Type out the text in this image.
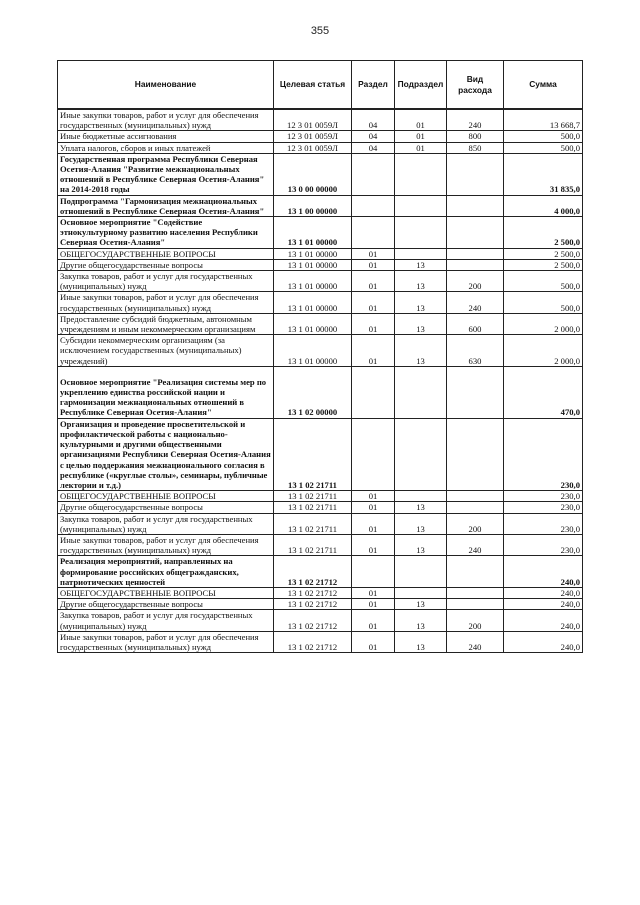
355
Наименование	Целевая статья	Раздел	Подраздел	Вид расхода	Сумма
Иные закупки товаров, работ и услуг для обеспечения государственных (муниципальных) нужд	12 3 01 0059Л	04	01	240	13 668,7
Иные бюджетные ассигнования	12 3 01 0059Л	04	01	800	500,0
Уплата налогов, сборов и иных платежей	12 3 01 0059Л	04	01	850	500,0
Государственная программа Республики Северная Осетия-Алания "Развитие межнациональных отношений в Республике Северная Осетия-Алания" на 2014-2018 годы	13 0 00 00000				31 835,0
Подпрограмма "Гармонизация межнациональных отношений в Республике Северная Осетия-Алания"	13 1 00 00000				4 000,0
Основное мероприятие "Содействие этнокультурному развитию населения Республики Северная Осетия-Алания"	13 1 01 00000				2 500,0
ОБЩЕГОСУДАРСТВЕННЫЕ ВОПРОСЫ	13 1 01 00000	01			2 500,0
Другие общегосударственные вопросы	13 1 01 00000	01	13		2 500,0
Закупка товаров, работ и услуг для государственных (муниципальных) нужд	13 1 01 00000	01	13	200	500,0
Иные закупки товаров, работ и услуг для обеспечения государственных (муниципальных) нужд	13 1 01 00000	01	13	240	500,0
Предоставление субсидий бюджетным, автономным учреждениям и иным некоммерческим организациям	13 1 01 00000	01	13	600	2 000,0
Субсидии некоммерческим организациям (за исключением государственных (муниципальных) учреждений)	13 1 01 00000	01	13	630	2 000,0
Основное мероприятие "Реализация системы мер по укреплению единства российской нации и гармонизации межнациональных отношений в Республике Северная Осетия-Алания"	13 1 02 00000				470,0
Организация и проведение просветительской и профилактической работы с национально-культурными и другими общественными организациями Республики Северная Осетия-Алания с целью поддержания межнационального согласия в республике («круглые столы», семинары, публичные лектории и т.д.)	13 1 02 21711				230,0
ОБЩЕГОСУДАРСТВЕННЫЕ ВОПРОСЫ	13 1 02 21711	01			230,0
Другие общегосударственные вопросы	13 1 02 21711	01	13		230,0
Закупка товаров, работ и услуг для государственных (муниципальных) нужд	13 1 02 21711	01	13	200	230,0
Иные закупки товаров, работ и услуг для обеспечения государственных (муниципальных) нужд	13 1 02 21711	01	13	240	230,0
Реализация мероприятий, направленных на формирование российских общегражданских, патриотических ценностей	13 1 02 21712				240,0
ОБЩЕГОСУДАРСТВЕННЫЕ ВОПРОСЫ	13 1 02 21712	01			240,0
Другие общегосударственные вопросы	13 1 02 21712	01	13		240,0
Закупка товаров, работ и услуг для государственных (муниципальных) нужд	13 1 02 21712	01	13	200	240,0
Иные закупки товаров, работ и услуг для обеспечения государственных (муниципальных) нужд	13 1 02 21712	01	13	240	240,0
